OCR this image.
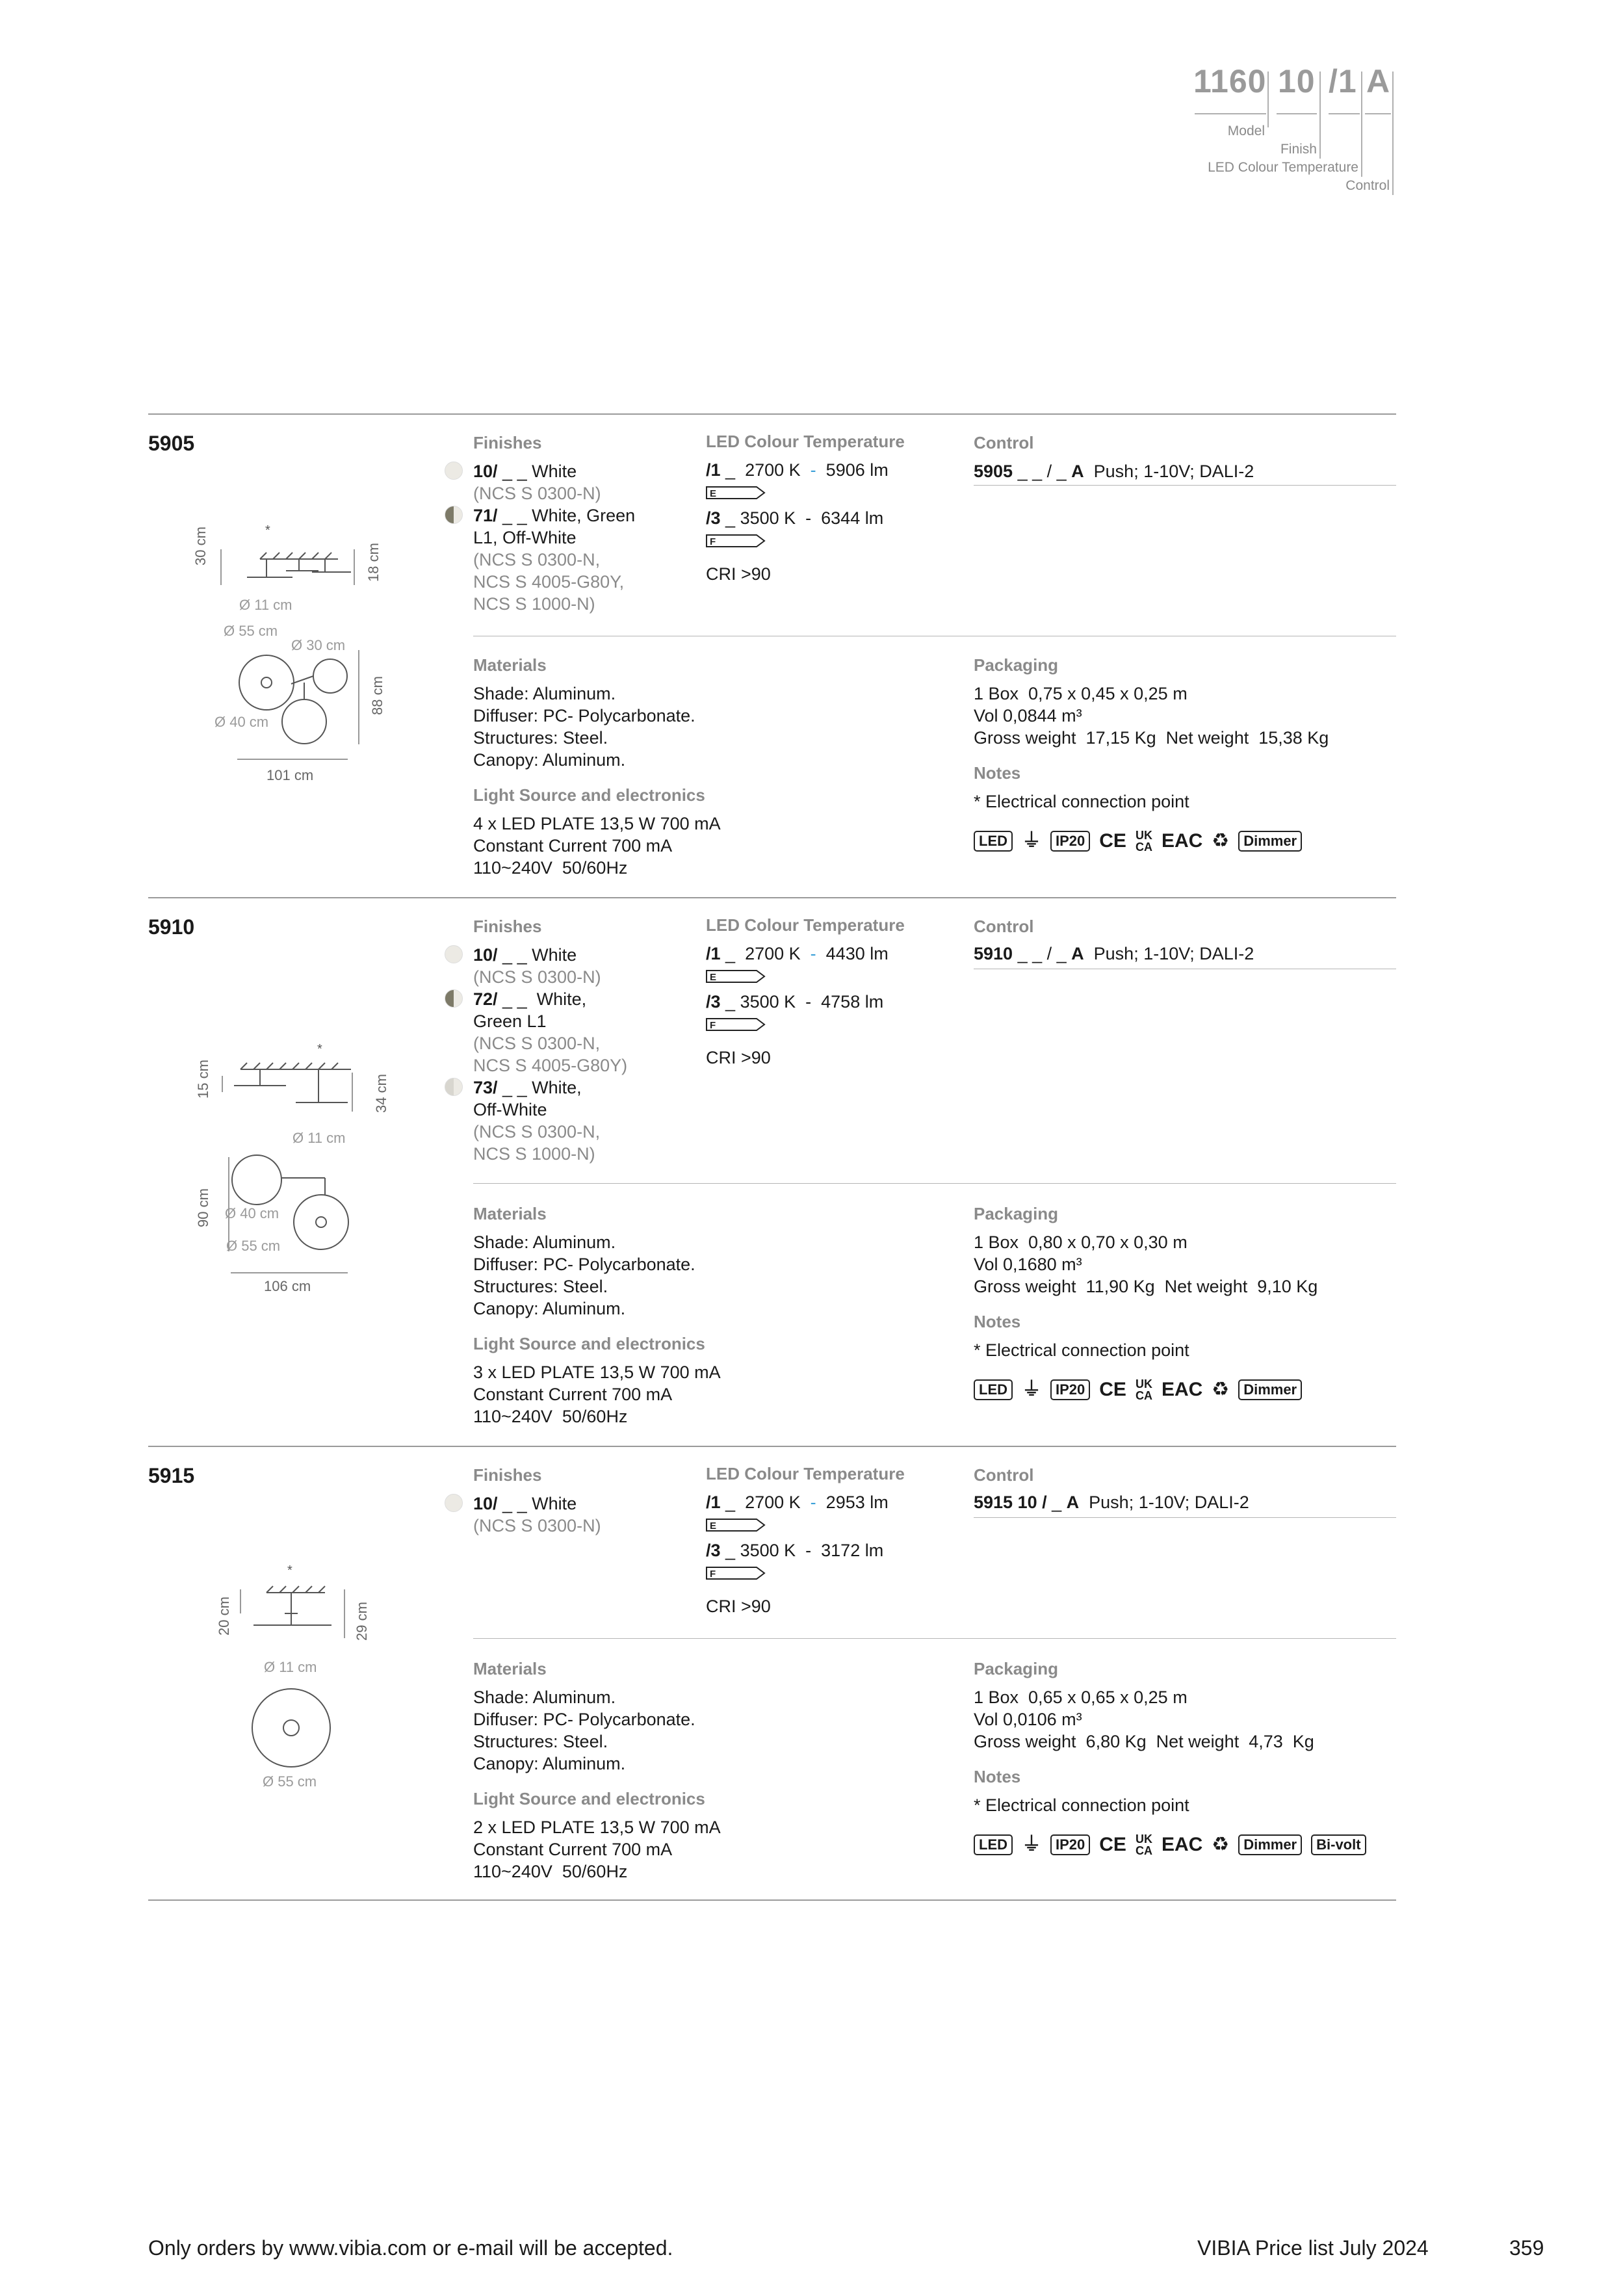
1160 10 /1 A
Model
Finish
LED Colour Temperature
Control
5905
*
30 cm	18 cm
Ø 11 cm
Ø 55 cm
Ø 30 cm
Ø 40 cm
88 cm
101 cm
Finishes
10/ _ _ White
(NCS S 0300-N)
71/ _ _ White, Green
L1, Off-White
(NCS S 0300-N,
NCS S 4005-G80Y,
NCS S 1000-N)
LED Colour Temperature
/1 _  2700 K - 5906 lm
E
/3 _ 3500 K  -  6344 lm
F
CRI >90
Control
5905 _ _ / _ A Push; 1-10V; DALI-2
Materials
Shade: Aluminum.
Diffuser: PC- Polycarbonate.
Structures: Steel.
Canopy: Aluminum.
Light Source and electronics
4 x LED PLATE 13,5 W 700 mA
Constant Current 700 mA
110~240V  50/60Hz
Packaging
1 Box  0,75 x 0,45 x 0,25 m
Vol 0,0844 m³
Gross weight  17,15 Kg  Net weight  15,38 Kg
Notes
* Electrical connection point
LED ⏚	IP20 CE UK
CA EAC ♻	Dimmer
5910
*
15 cm	34 cm
Ø 11 cm
90 cm Ø 40 cm
Ø 55 cm
106 cm
Finishes
10/ _ _ White
(NCS S 0300-N)
72/ _ _  White,
Green L1
(NCS S 0300-N,
NCS S 4005-G80Y)
73/ _ _ White,
Off-White
(NCS S 0300-N,
NCS S 1000-N)
LED Colour Temperature
/1 _  2700 K - 4430 lm
E
/3 _ 3500 K  -  4758 lm
F
CRI >90
Control
5910 _ _ / _ A Push; 1-10V; DALI-2
Materials
Shade: Aluminum.
Diffuser: PC- Polycarbonate.
Structures: Steel.
Canopy: Aluminum.
Light Source and electronics
3 x LED PLATE 13,5 W 700 mA
Constant Current 700 mA
110~240V  50/60Hz
Packaging
1 Box  0,80 x 0,70 x 0,30 m
Vol 0,1680 m³
Gross weight  11,90 Kg  Net weight  9,10 Kg
Notes
* Electrical connection point
LED ⏚	IP20 CE UK
CA EAC ♻	Dimmer
5915
*
20 cm	29 cm
Ø 11 cm
Ø 55 cm
Finishes
10/ _ _ White
(NCS S 0300-N)
LED Colour Temperature
/1 _  2700 K - 2953 lm
E
/3 _ 3500 K  -  3172 lm
F
CRI >90
Control
5915 10 / _ A Push; 1-10V; DALI-2
Materials
Shade: Aluminum.
Diffuser: PC- Polycarbonate.
Structures: Steel.
Canopy: Aluminum.
Light Source and electronics
2 x LED PLATE 13,5 W 700 mA
Constant Current 700 mA
110~240V  50/60Hz
Packaging
1 Box  0,65 x 0,65 x 0,25 m
Vol 0,0106 m³
Gross weight  6,80 Kg  Net weight  4,73  Kg
Notes
* Electrical connection point
LED ⏚	IP20 CE UK
CA EAC ♻	Dimmer	Bi-volt
Only orders by www.vibia.com or e-mail will be accepted.	VIBIA Price list July 2024	359
